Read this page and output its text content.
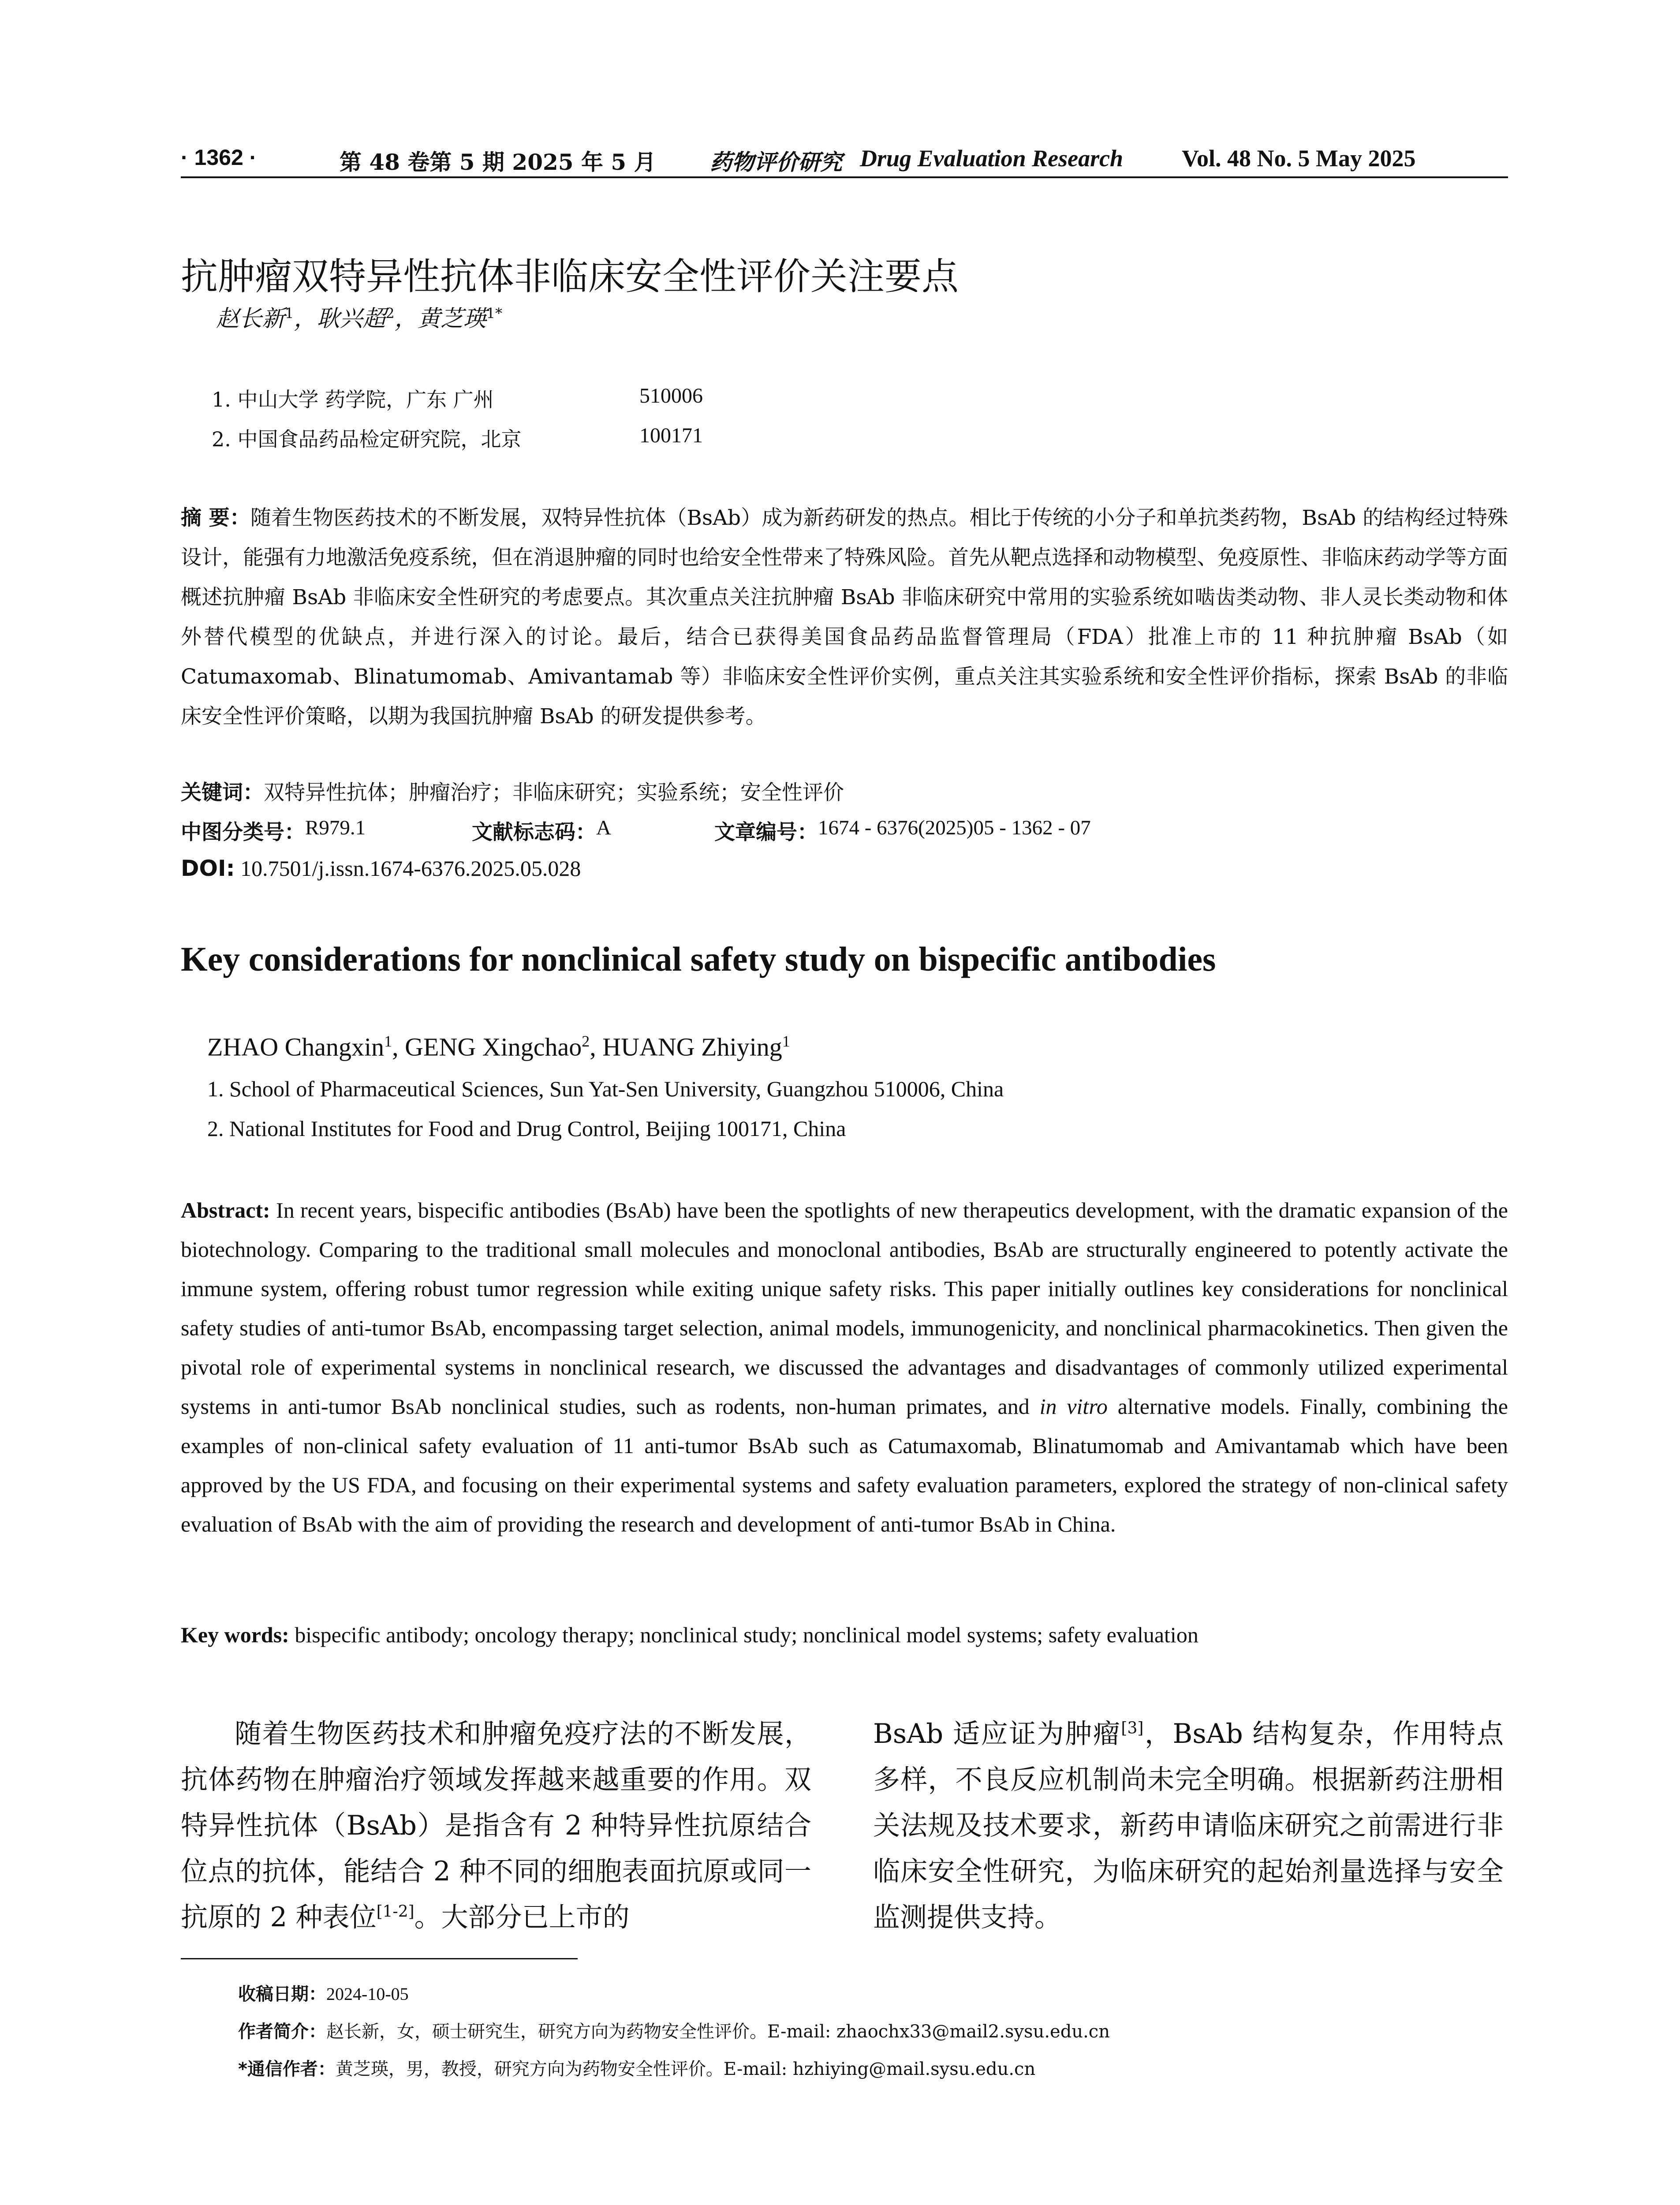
· 1362 ·	第 48 卷第 5 期 2025 年 5 月 药物评价研究 Drug Evaluation Research Vol. 48 No. 5 May 2025
抗肿瘤双特异性抗体非临床安全性评价关注要点
赵长新$^1$，耿兴超$^2$，黄芝瑛$^{1*}$
1. 中山大学 药学院，广东 广州	510006
2. 中国食品药品检定研究院，北京	100171
摘 要：随着生物医药技术的不断发展，双特异性抗体（BsAb）成为新药研发的热点。相比于传统的小分子和单抗类药物，BsAb 的结构经过特殊设计，能强有力地激活免疫系统，但在消退肿瘤的同时也给安全性带来了特殊风险。首先从靶点选择和动物模型、免疫原性、非临床药动学等方面概述抗肿瘤 BsAb 非临床安全性研究的考虑要点。其次重点关注抗肿瘤 BsAb 非临床研究中常用的实验系统如啮齿类动物、非人灵长类动物和体外替代模型的优缺点，并进行深入的讨论。最后，结合已获得美国食品药品监督管理局（FDA）批准上市的 11 种抗肿瘤 BsAb（如 Catumaxomab、Blinatumomab、Amivantamab 等）非临床安全性评价实例，重点关注其实验系统和安全性评价指标，探索 BsAb 的非临床安全性评价策略，以期为我国抗肿瘤 BsAb 的研发提供参考。
关键词：双特异性抗体；肿瘤治疗；非临床研究；实验系统；安全性评价
中图分类号： R979.1	文献标志码： A	文章编号： 1674 - 6376(2025)05 - 1362 - 07
DOI: 10.7501/j.issn.1674-6376.2025.05.028
Key considerations for nonclinical safety study on bispecific antibodies
ZHAO Changxin$^1$, GENG Xingchao$^2$, HUANG Zhiying$^1$
1. School of Pharmaceutical Sciences, Sun Yat-Sen University, Guangzhou 510006, China
2. National Institutes for Food and Drug Control, Beijing 100171, China
Abstract: In recent years, bispecific antibodies (BsAb) have been the spotlights of new therapeutics development, with the dramatic expansion of the biotechnology. Comparing to the traditional small molecules and monoclonal antibodies, BsAb are structurally engineered to potently activate the immune system, offering robust tumor regression while exiting unique safety risks. This paper initially outlines key considerations for nonclinical safety studies of anti-tumor BsAb, encompassing target selection, animal models, immunogenicity, and nonclinical pharmacokinetics. Then given the pivotal role of experimental systems in nonclinical research, we discussed the advantages and disadvantages of commonly utilized experimental systems in anti-tumor BsAb nonclinical studies, such as rodents, non-human primates, and in vitro alternative models. Finally, combining the examples of non-clinical safety evaluation of 11 anti-tumor BsAb such as Catumaxomab, Blinatumomab and Amivantamab which have been approved by the US FDA, and focusing on their experimental systems and safety evaluation parameters, explored the strategy of non-clinical safety evaluation of BsAb with the aim of providing the research and development of anti-tumor BsAb in China.
Key words: bispecific antibody; oncology therapy; nonclinical study; nonclinical model systems; safety evaluation
随着生物医药技术和肿瘤免疫疗法的不断发展，抗体药物在肿瘤治疗领域发挥越来越重要的作用。双特异性抗体（BsAb）是指含有 2 种特异性抗原结合位点的抗体，能结合 2 种不同的细胞表面抗原或同一抗原的 2 种表位[1-2]。大部分已上市的
BsAb 适应证为肿瘤[3]，BsAb 结构复杂，作用特点多样，不良反应机制尚未完全明确。根据新药注册相关法规及技术要求，新药申请临床研究之前需进行非临床安全性研究，为临床研究的起始剂量选择与安全监测提供支持。
收稿日期：2024-10-05
作者简介：赵长新，女，硕士研究生，研究方向为药物安全性评价。E-mail: zhaochx33@mail2.sysu.edu.cn
*通信作者：黄芝瑛，男，教授，研究方向为药物安全性评价。E-mail: hzhiying@mail.sysu.edu.cn
